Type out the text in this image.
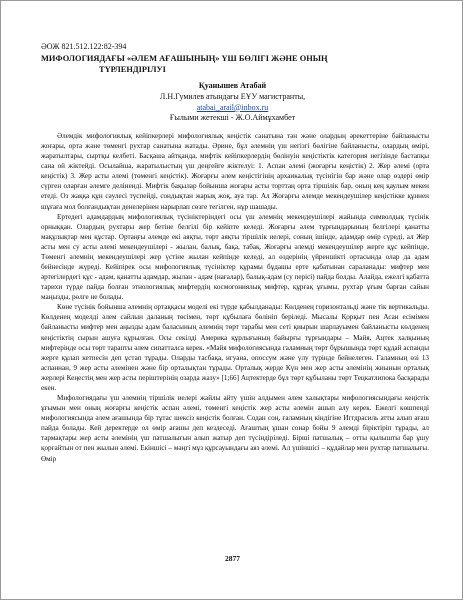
ӘОЖ 821.512.122:82-394
МИФОЛОГИЯДАҒЫ «ӘЛЕМ АҒАШЫНЫҢ» ҮШ БӨЛІГІ ЖӘНЕ ОНЫҢ
ТҮРЛЕНДІРІЛУІ
Қуанышев Атабай
Л.Н.Гумилев атындағы ЕҰУ магистранты,
atabai_arail@inbox.ru
Ғылыми жетекші - Ж.О.Аймұхамбет

Әлемдік мифологиялық кейіпкерлері мифологиялық кеңістік санатына тән және олардың әрекеттеріне байланысты жоғары, орта және төменгі рухтар санатына жатады. Әрине, бұл әлемнің үш негізгі бөлігіне байланысты, олардың өмірі, жаратылтары, сыртқы келбеті. Басқаша айтқанда, мифтік кейіпкерлердің бөлінуін кеңістіктік категория негізінде бастапқы сана ой жіктейді. Осылайша, жаратылыстың үш деңгейге жіктелуі: 1. Аспан әлемі (жоғарғы кеңістік) 2. Жер әлемі (орта кеңістік) 3. Жер асты әлемі (төменгі кеңістік). Жоғарғы әлем кеңістігінің архаикалық түсінігін бар және олар өздері өмір сүрген оларған әлемге деліненді. Мифтік бақылар бойынша жоғары асты торттаң орта тіршілік бар, оның кең қаулым мекен етеді. Оз жаққа құн сәулесі түспейді, сондықтан жарық жоқ, ауа тар. Ал Жоғарғы әлемде мекендеушілер кеңістікке құннен шұғаға мол болғандықтан денелерінен нарырлап сөзге тегілген, нұр шашады.

Ертедегі адамдардың мифологиялық түсініктеріндегі осы үш әлемнің мекендеушілері жайында символдық түсінік орныққан. Олардың рухтары жер бетіне белгілі бір кейіпте келеді. Жоғарғы әлем тұрғындарының белгілері қанатты мақұлықтар мен құстар. Ортаңғы әлемде екі аяқты, төрт аяқты тіршілік иелері, соның ішінде, адамдар өмір сүреді, ал Жер асты мен су асты әлемі мекендеушілері - жылан, балық, бақа, табақ. Жоғарғы әлемді мекендеушілер жерге құс кейпінде, Төменгі әлемнің мекендеушілері жер үстіне жылан кейпінде келеді, ал өздерінің үйреншікті ортасында олар да адам бейнесінде жүреді. Кейіпірек осы мифологиялық түсініктер құрамы бұдашы ерте қабатынан сараланады: мифтер мен әртегілердегі құс - адам, қанатты адамдар, жылан - адам (нағалар), балық-адам (су перісі) пайда болды. Алайда, ежелгі қабатта тарихи түрде пайда болған этнологиялық мифтердің космогониялық мифтер, құрғақ ұғымы, рухтар ұғым барған сайын маңызды, рөлге не болады.

Көне түсінік бойынша әлемнің ортаққасы моделі екі түрде қабылданады: Көлденең горизонтальді және тік вертикальды. Көлденең моделді әлем сайлын даланың төсімен, төрт құбылаға бөлініп беріледі. Мысалы Қорқыт пен Асан есімімен байланысты мифтер мен аңызды адам баласының әлемнің төрт тарабы мен сеті қиырын шарлауымен байланысты көлденең кеңістіктің сырын ашуға құрылған. Осы секілді Америка құрлығының байырғы тұрғындары – Майя, Ацтек халқының мифтерінде осы төрт тарапты әлем сипатталса керек. «Майя мифологиясында галамның төрт бұрышында төрт құдай аспанды жерге құлап кетпесін деп ұстап тұрады. Оларды тасбақа, игуана, опоссум және үлу түрінде бейнелеген. Галамның өзі 13 аспаннан, 9 жер асты әлемінен және бір орталықтан тұрады. Орталық жерде Күн мен жер асты әлемінің жиынын орталық жерлері Кеңестің мен жер асты періштерінің озарда жазу» [1;66] Ацтектерде бұл төрт құбыланы төрт Тецкатлипока басқарады екен.

Мифологиядағы үш әлемнің тіршілік иелері жайлы айту үшін алдымен әлем халықтары мифологиясындағы кеңістік ұғымын мен оның жоғарғы кеңістік аспан әлемі, төменгі кеңістік жер асты әлемін ашып алу керек. Ежелгі көшпенді мифологиясында әлем ағашында бір тұтас шексіз кеңістік болған. Содан соң, ғаламның кіндігіне Иггдрасиль атты алып ағаш пайда болады. Кей деректерде ол өмір ағашы деп кездеседі. Ағаштың ұшан сонар бойы 9 әлемді біріктіріп тұрады, ал тармақтары жер асты әлемінің үш патшалығын алып жатыр деп түсіндіріледі. Бірші патшалық – отты қылышты бар ұшу қорғайтын от пен жылын әлемі. Екіншісі – мәңгі мұз құрсауындағы аяз әлемі. Ал үшіншісі – құдайлар мен рухтар патшалығы. Өмір

2877
